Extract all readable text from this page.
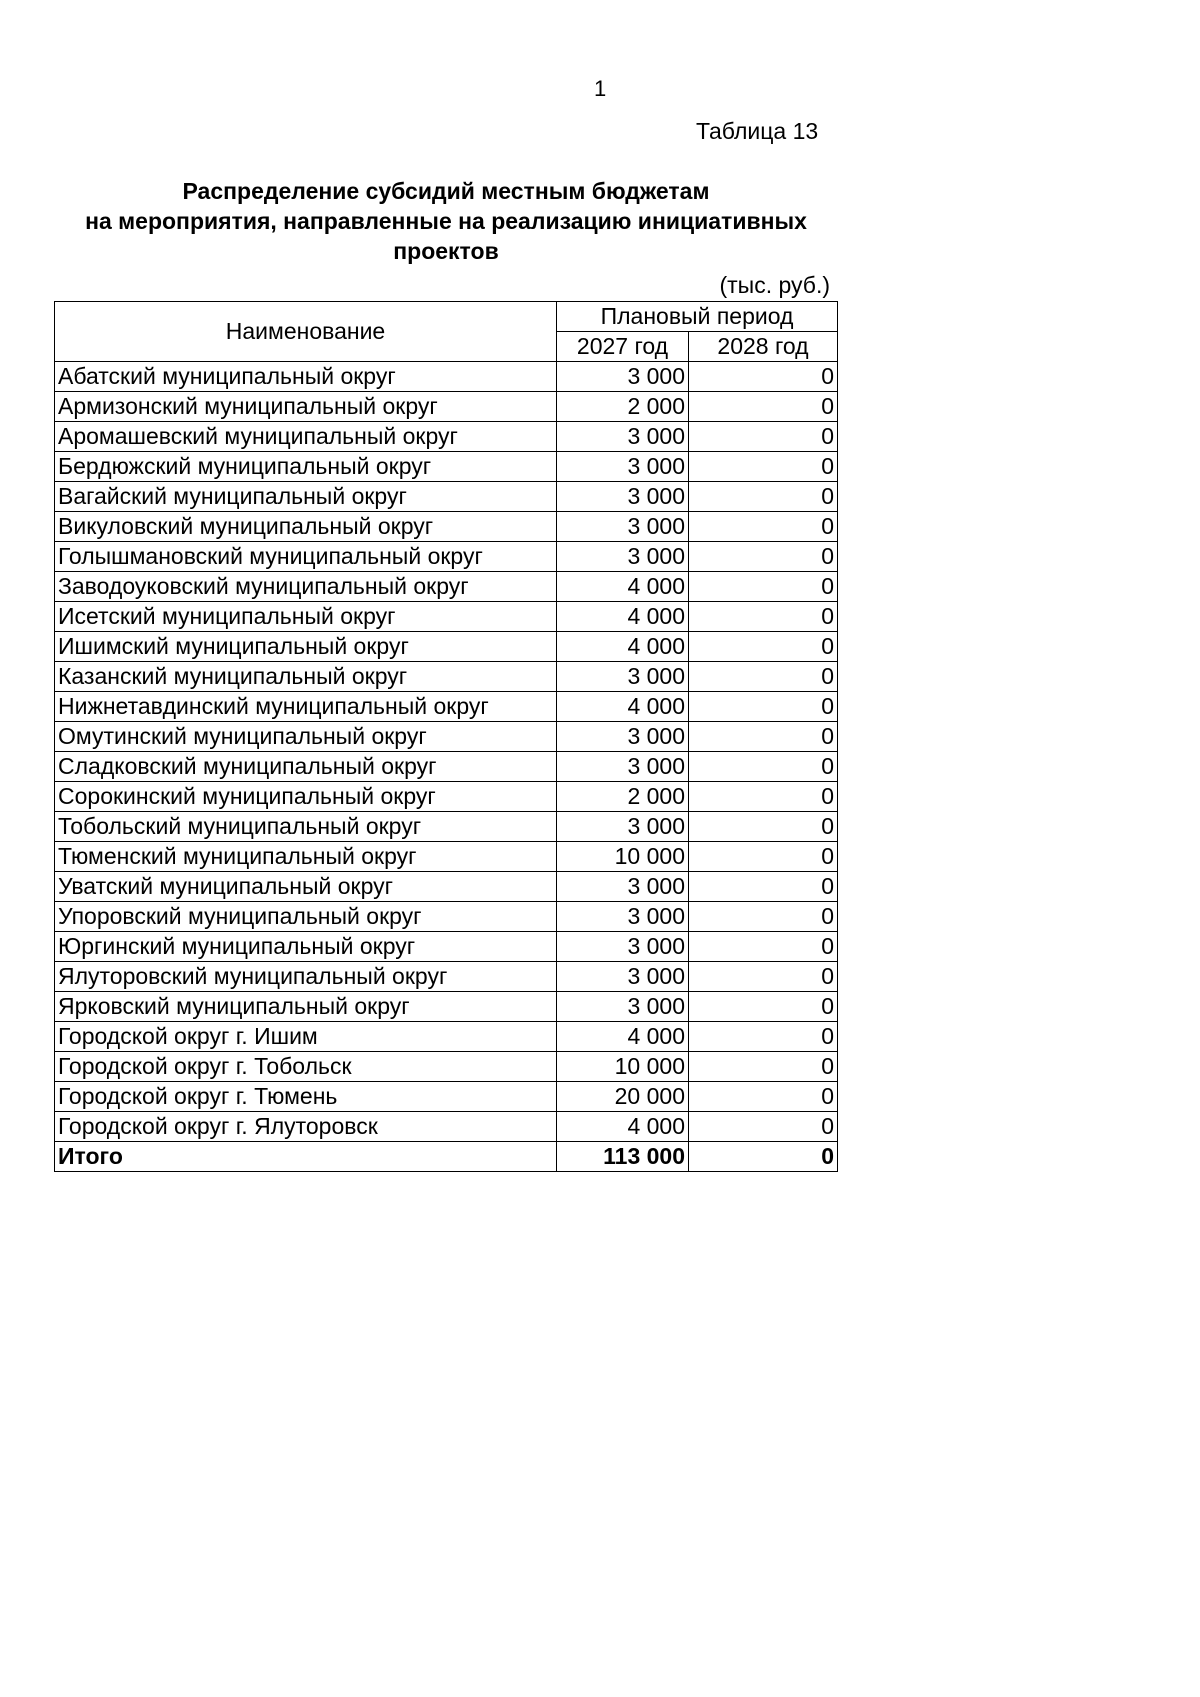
1
Таблица 13
Распределение субсидий местным бюджетам
на мероприятия, направленные на реализацию инициативных
проектов
(тыс. руб.)
Наименование	Плановый период	
	2027 год	2028 год
Абатский муниципальный округ	3 000	0
Армизонский муниципальный округ	2 000	0
Аромашевский муниципальный округ	3 000	0
Бердюжский муниципальный округ	3 000	0
Вагайский муниципальный округ	3 000	0
Викуловский муниципальный округ	3 000	0
Голышмановский муниципальный округ	3 000	0
Заводоуковский муниципальный округ	4 000	0
Исетский муниципальный округ	4 000	0
Ишимский муниципальный округ	4 000	0
Казанский муниципальный округ	3 000	0
Нижнетавдинский муниципальный округ	4 000	0
Омутинский муниципальный округ	3 000	0
Сладковский муниципальный округ	3 000	0
Сорокинский муниципальный округ	2 000	0
Тобольский муниципальный округ	3 000	0
Тюменский муниципальный округ	10 000	0
Уватский муниципальный округ	3 000	0
Упоровский муниципальный округ	3 000	0
Юргинский муниципальный округ	3 000	0
Ялуторовский муниципальный округ	3 000	0
Ярковский муниципальный округ	3 000	0
Городской округ г. Ишим	4 000	0
Городской округ г. Тобольск	10 000	0
Городской округ г. Тюмень	20 000	0
Городской округ г. Ялуторовск	4 000	0
Итого	113 000	0
